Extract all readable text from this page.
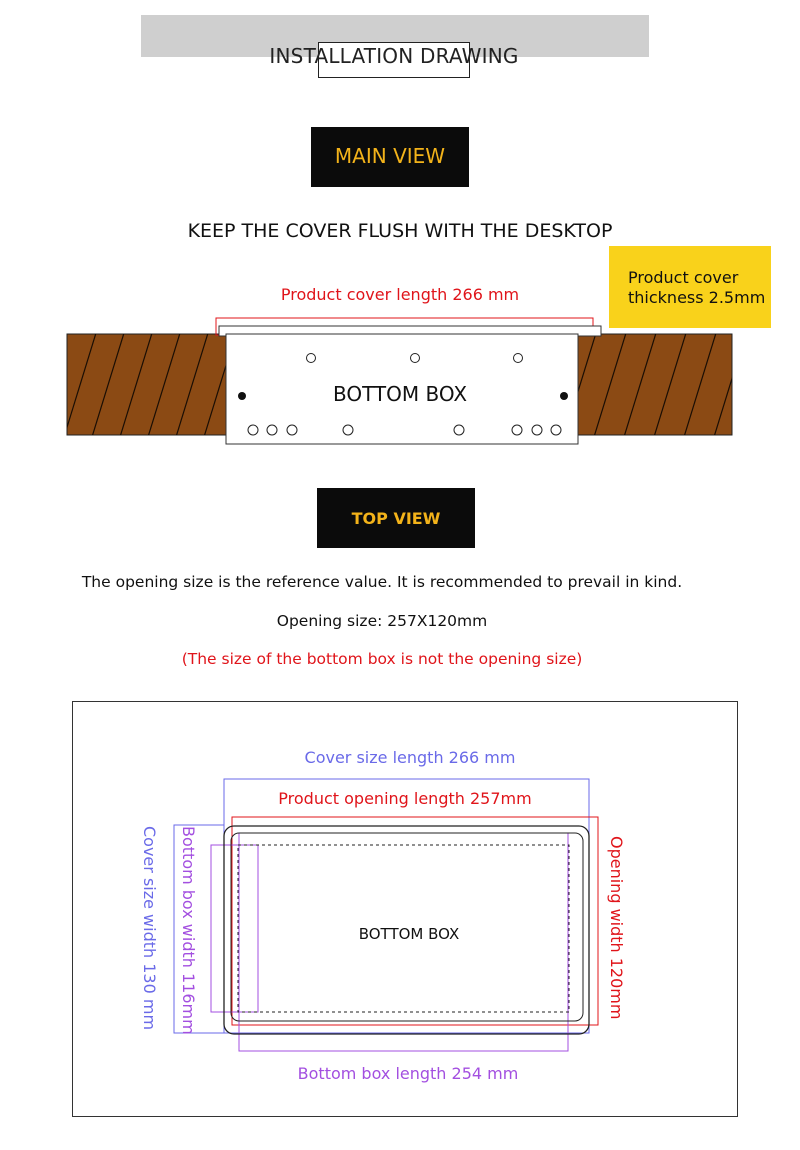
INSTALLATION DRAWING
MAIN VIEW
KEEP THE COVER FLUSH WITH THE DESKTOP
Product cover
thickness 2.5mm
Product cover length 266 mm
BOTTOM BOX
TOP VIEW
The opening size is the reference value. It is recommended to prevail in kind.
Opening size: 257X120mm
(The size of the bottom box is not the opening size)
Cover size length 266 mm
Product opening length 257mm
Bottom box length 254 mm
BOTTOM BOX
Cover size width 130 mm Bottom box width 116mm	Opening width 120mm
